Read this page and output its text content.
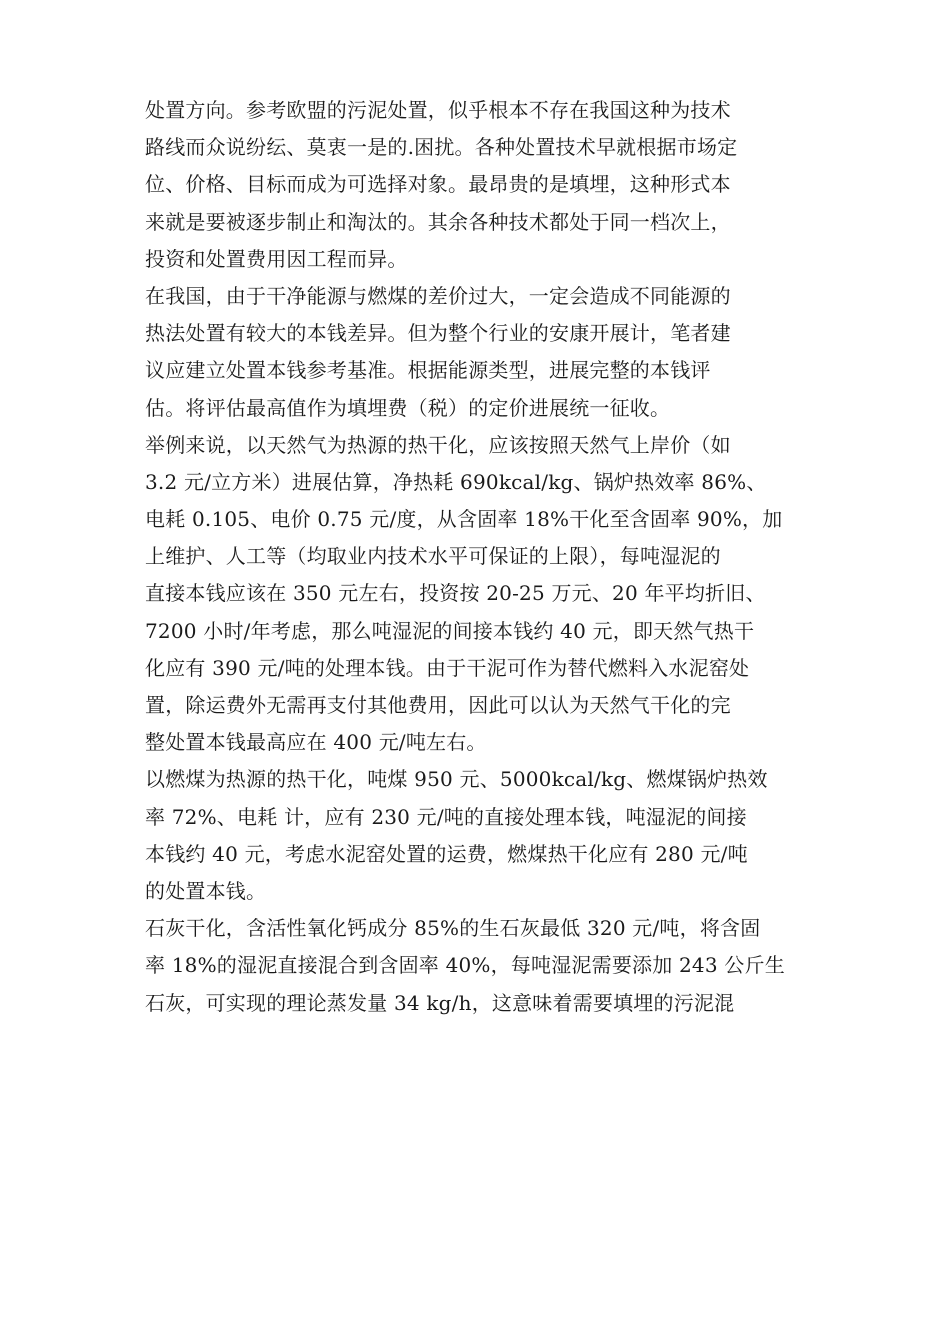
处置方向。参考欧盟的污泥处置，似乎根本不存在我国这种为技术
路线而众说纷纭、莫衷一是的.困扰。各种处置技术早就根据市场定
位、价格、目标而成为可选择对象。最昂贵的是填埋，这种形式本
来就是要被逐步制止和淘汰的。其余各种技术都处于同一档次上，
投资和处置费用因工程而异。
在我国，由于干净能源与燃煤的差价过大，一定会造成不同能源的
热法处置有较大的本钱差异。但为整个行业的安康开展计，笔者建
议应建立处置本钱参考基准。根据能源类型，进展完整的本钱评
估。将评估最高值作为填埋费（税）的定价进展统一征收。
举例来说，以天然气为热源的热干化，应该按照天然气上岸价（如
3.2 元/立方米）进展估算，净热耗 690kcal/kg、锅炉热效率 86%、
电耗 0.105、电价 0.75 元/度，从含固率 18%干化至含固率 90%，加
上维护、人工等（均取业内技术水平可保证的上限），每吨湿泥的
直接本钱应该在 350 元左右，投资按 20-25 万元、20 年平均折旧、
7200 小时/年考虑，那么吨湿泥的间接本钱约 40 元，即天然气热干
化应有 390 元/吨的处理本钱。由于干泥可作为替代燃料入水泥窑处
置，除运费外无需再支付其他费用，因此可以认为天然气干化的完
整处置本钱最高应在 400 元/吨左右。
以燃煤为热源的热干化，吨煤 950 元、5000kcal/kg、燃煤锅炉热效
率 72%、电耗 计，应有 230 元/吨的直接处理本钱，吨湿泥的间接
本钱约 40 元，考虑水泥窑处置的运费，燃煤热干化应有 280 元/吨
的处置本钱。
石灰干化，含活性氧化钙成分 85%的生石灰最低 320 元/吨，将含固
率 18%的湿泥直接混合到含固率 40%，每吨湿泥需要添加 243 公斤生
石灰，可实现的理论蒸发量 34 kg/h，这意味着需要填埋的污泥混
